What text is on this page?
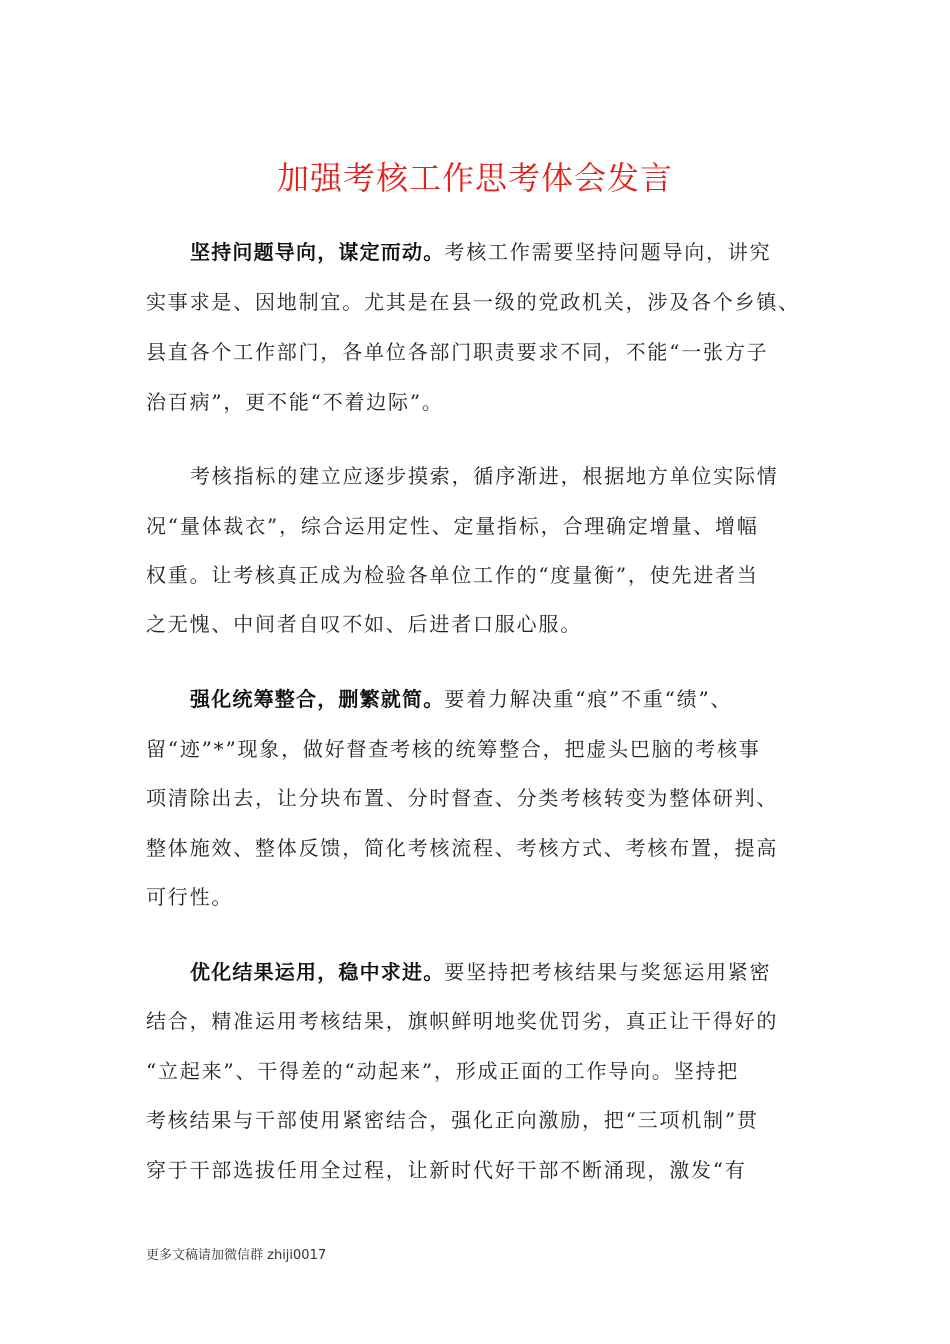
加强考核工作思考体会发言
坚持问题导向，谋定而动。考核工作需要坚持问题导向，讲究
实事求是、因地制宜。尤其是在县一级的党政机关，涉及各个乡镇、
县直各个工作部门，各单位各部门职责要求不同，不能“一张方子
治百病”，更不能“不着边际”。
考核指标的建立应逐步摸索，循序渐进，根据地方单位实际情
况“量体裁衣”，综合运用定性、定量指标，合理确定增量、增幅
权重。让考核真正成为检验各单位工作的“度量衡”，使先进者当
之无愧、中间者自叹不如、后进者口服心服。
强化统筹整合，删繁就简。要着力解决重“痕”不重“绩”、
留“迹”*”现象，做好督查考核的统筹整合，把虚头巴脑的考核事
项清除出去，让分块布置、分时督查、分类考核转变为整体研判、
整体施效、整体反馈，简化考核流程、考核方式、考核布置，提高
可行性。
优化结果运用，稳中求进。要坚持把考核结果与奖惩运用紧密
结合，精准运用考核结果，旗帜鲜明地奖优罚劣，真正让干得好的
“立起来”、干得差的“动起来”，形成正面的工作导向。坚持把
考核结果与干部使用紧密结合，强化正向激励，把“三项机制”贯
穿于干部选拔任用全过程，让新时代好干部不断涌现，激发“有
更多文稿请加微信群 zhiji0017
